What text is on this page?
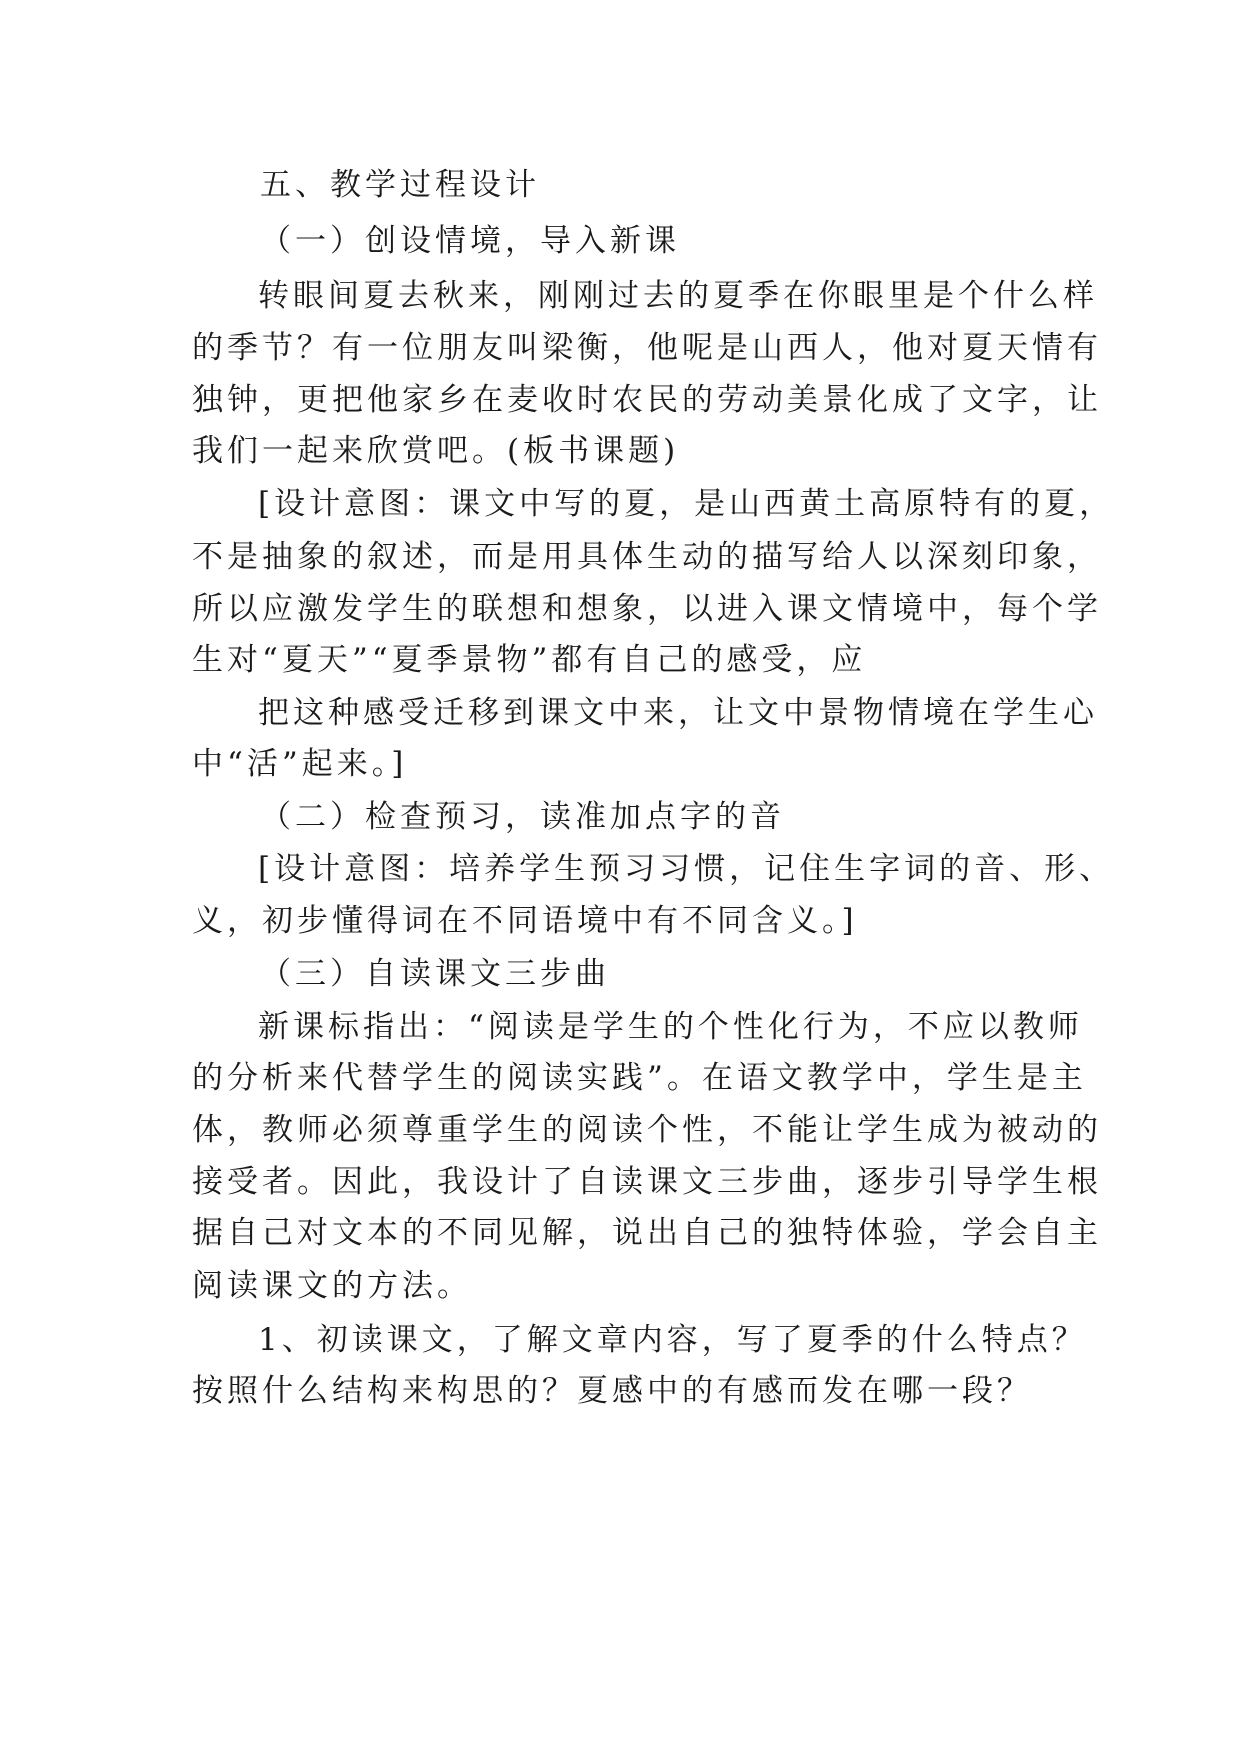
五、教学过程设计

（一）创设情境，导入新课

转眼间夏去秋来，刚刚过去的夏季在你眼里是个什么样

的季节？有一位朋友叫梁衡，他呢是山西人，他对夏天情有

独钟，更把他家乡在麦收时农民的劳动美景化成了文字，让

我们一起来欣赏吧。(板书课题)

[设计意图：课文中写的夏，是山西黄土高原特有的夏，

不是抽象的叙述，而是用具体生动的描写给人以深刻印象，

所以应激发学生的联想和想象，以进入课文情境中，每个学

生对“夏天”“夏季景物”都有自己的感受，应

把这种感受迁移到课文中来，让文中景物情境在学生心

中“活”起来。]

（二）检查预习，读准加点字的音

[设计意图：培养学生预习习惯，记住生字词的音、形、

义，初步懂得词在不同语境中有不同含义。]

（三）自读课文三步曲

新课标指出：“阅读是学生的个性化行为，不应以教师

的分析来代替学生的阅读实践”。在语文教学中，学生是主

体，教师必须尊重学生的阅读个性，不能让学生成为被动的

接受者。因此，我设计了自读课文三步曲，逐步引导学生根

据自己对文本的不同见解，说出自己的独特体验，学会自主

阅读课文的方法。

1、初读课文，了解文章内容，写了夏季的什么特点？

按照什么结构来构思的？夏感中的有感而发在哪一段？
